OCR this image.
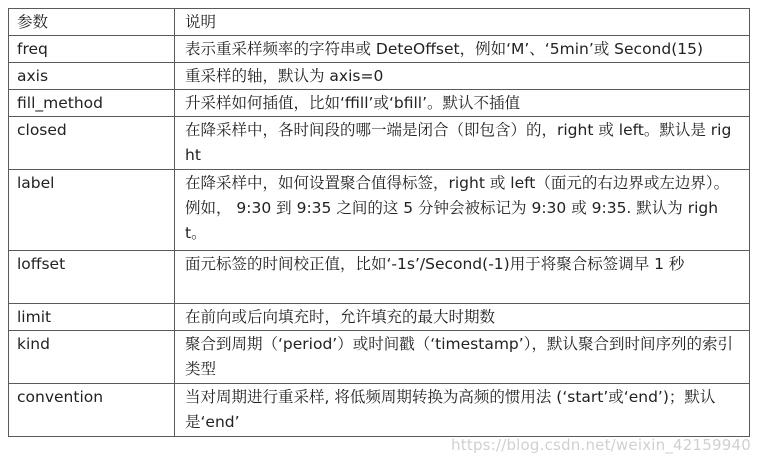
参数	说明
freq	表示重采样频率的字符串或 DeteOffset，例如‘M’、‘5min’或 Second(15)
axis	重采样的轴，默认为 axis=0
fill_method	升采样如何插值，比如‘ffill’或‘bfill’。默认不插值
closed	在降采样中，各时间段的哪一端是闭合（即包含）的，right 或 left。默认是 right
label	在降采样中，如何设置聚合值得标签，right 或 left（面元的右边界或左边界）。例如， 9:30 到 9:35 之间的这 5 分钟会被标记为 9:30 或 9:35. 默认为 right。
loffset	面元标签的时间校正值，比如‘-1s’/Second(-1)用于将聚合标签调早 1 秒
limit	在前向或后向填充时，允许填充的最大时期数
kind	聚合到周期（‘period’）或时间戳（‘timestamp’），默认聚合到时间序列的索引类型
convention	当对周期进行重采样, 将低频周期转换为高频的惯用法 (‘start’或‘end’)；默认是‘end’
https://blog.csdn.net/weixin_42159940
